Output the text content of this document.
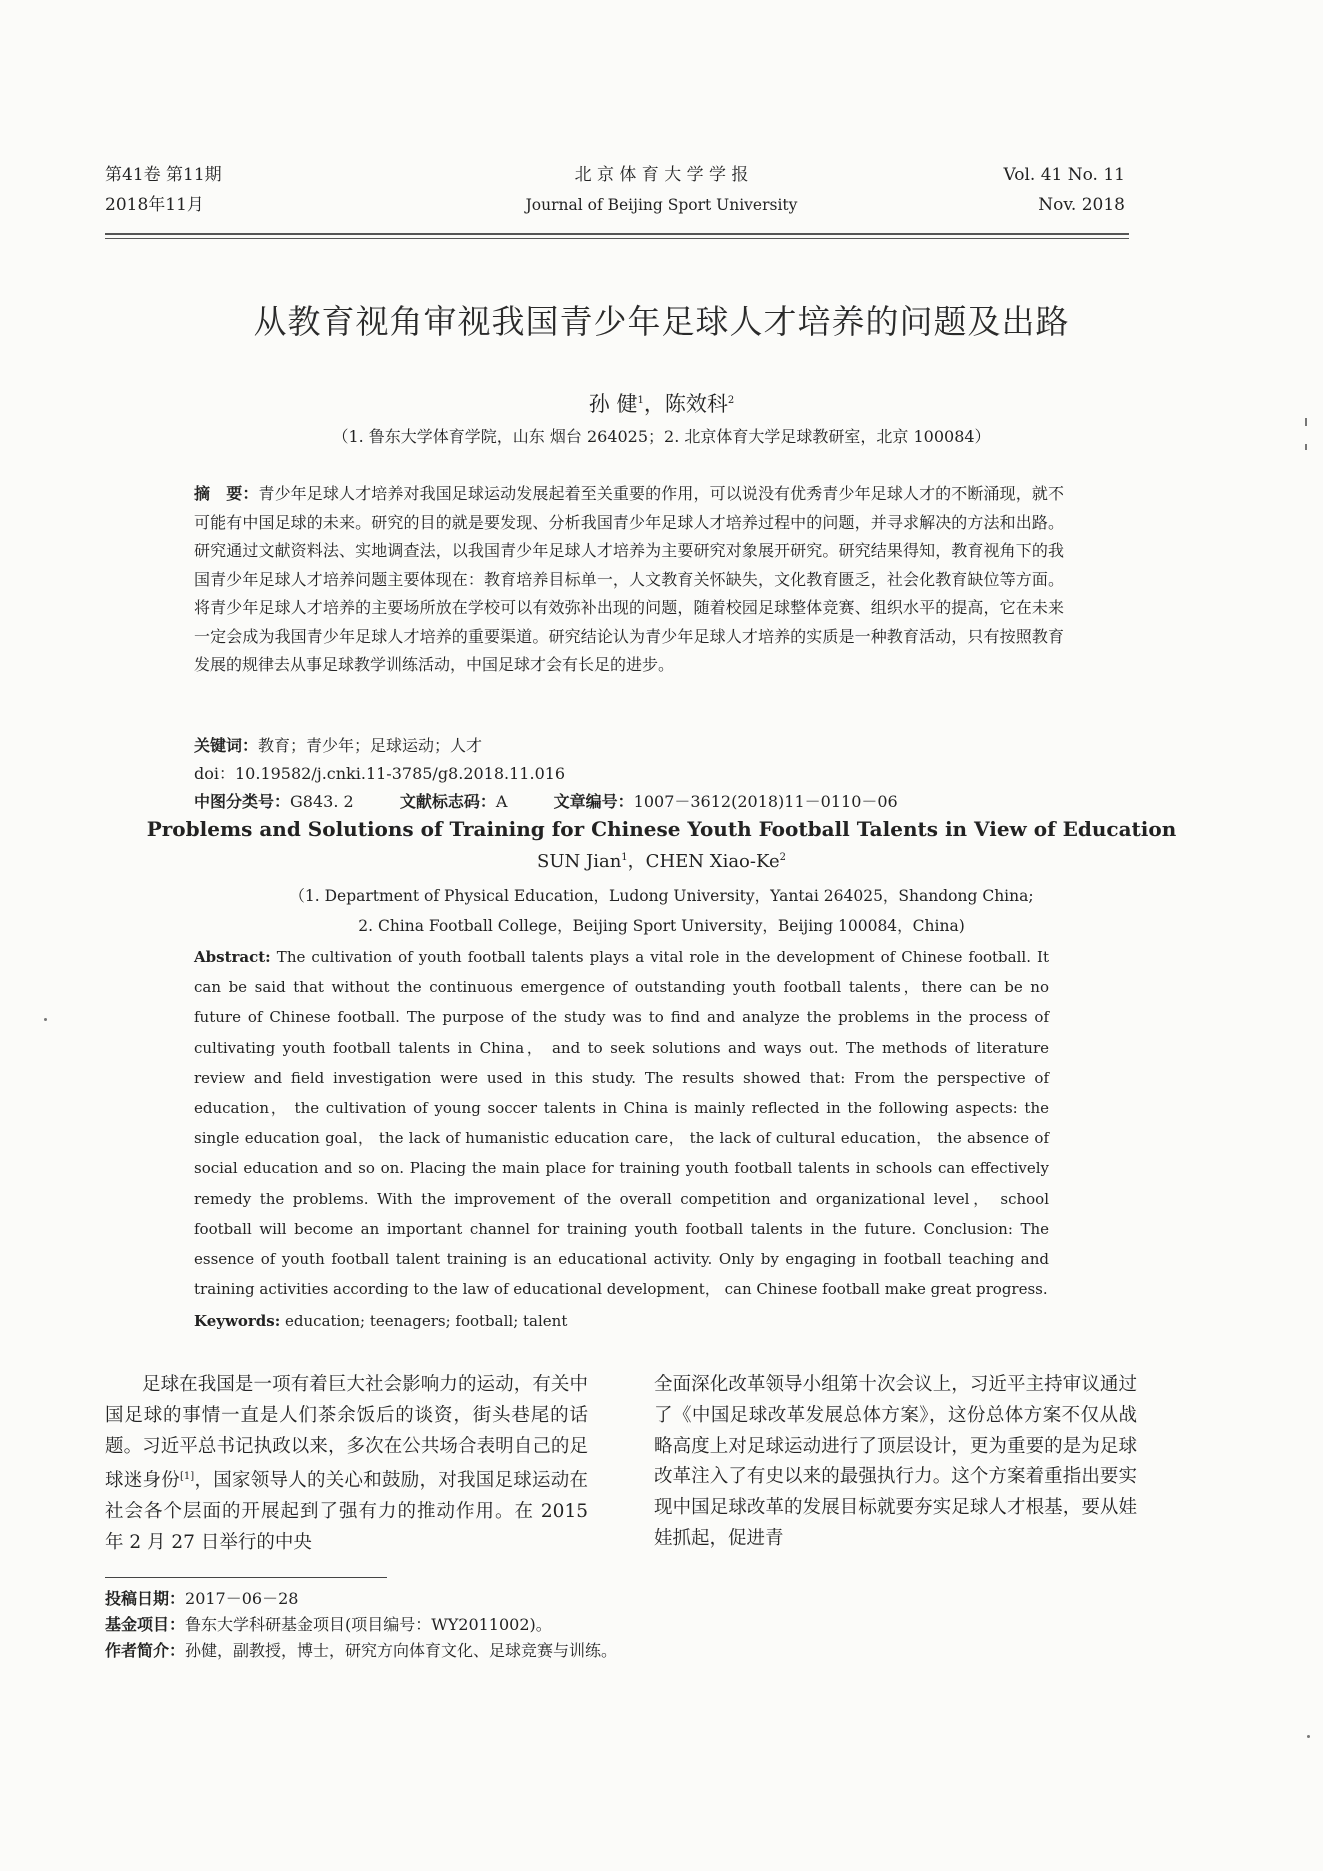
第41卷 第11期
2018年11月
北 京 体 育 大 学 学 报
Journal of Beijing Sport University
Vol. 41 No. 11
Nov. 2018
从教育视角审视我国青少年足球人才培养的问题及出路
孙 健$^1$，陈效科$^2$
（1. 鲁东大学体育学院，山东 烟台 264025；2. 北京体育大学足球教研室，北京 100084）
摘　要：青少年足球人才培养对我国足球运动发展起着至关重要的作用，可以说没有优秀青少年足球人才的不断涌现，就不可能有中国足球的未来。研究的目的就是要发现、分析我国青少年足球人才培养过程中的问题，并寻求解决的方法和出路。研究通过文献资料法、实地调查法，以我国青少年足球人才培养为主要研究对象展开研究。研究结果得知，教育视角下的我国青少年足球人才培养问题主要体现在：教育培养目标单一，人文教育关怀缺失，文化教育匮乏，社会化教育缺位等方面。将青少年足球人才培养的主要场所放在学校可以有效弥补出现的问题，随着校园足球整体竞赛、组织水平的提高，它在未来一定会成为我国青少年足球人才培养的重要渠道。研究结论认为青少年足球人才培养的实质是一种教育活动，只有按照教育发展的规律去从事足球教学训练活动，中国足球才会有长足的进步。
关键词：教育；青少年；足球运动；人才
doi：10.19582/j.cnki.11-3785/g8.2018.11.016
中图分类号：G843. 2	文献标志码：A	文章编号：1007－3612(2018)11－0110－06
Problems and Solutions of Training for Chinese Youth Football Talents in View of Education
SUN Jian$^1$，CHEN Xiao-Ke$^2$
（1. Department of Physical Education，Ludong University，Yantai 264025，Shandong China;
2. China Football College，Beijing Sport University，Beijing 100084，China)
Abstract: The cultivation of youth football talents plays a vital role in the development of Chinese football. It can be said that without the continuous emergence of outstanding youth football talents，there can be no future of Chinese football. The purpose of the study was to find and analyze the problems in the process of cultivating youth football talents in China， and to seek solutions and ways out. The methods of literature review and field investigation were used in this study. The results showed that: From the perspective of education， the cultivation of young soccer talents in China is mainly reflected in the following aspects: the single education goal， the lack of humanistic education care， the lack of cultural education， the absence of social education and so on. Placing the main place for training youth football talents in schools can effectively remedy the problems. With the improvement of the overall competition and organizational level， school football will become an important channel for training youth football talents in the future. Conclusion: The essence of youth football talent training is an educational activity. Only by engaging in football teaching and training activities according to the law of educational development， can Chinese football make great progress.
Keywords: education; teenagers; football; talent
足球在我国是一项有着巨大社会影响力的运动，有关中国足球的事情一直是人们茶余饭后的谈资，街头巷尾的话题。习近平总书记执政以来，多次在公共场合表明自己的足球迷身份[1]，国家领导人的关心和鼓励，对我国足球运动在社会各个层面的开展起到了强有力的推动作用。在 2015 年 2 月 27 日举行的中央
全面深化改革领导小组第十次会议上，习近平主持审议通过了《中国足球改革发展总体方案》，这份总体方案不仅从战略高度上对足球运动进行了顶层设计，更为重要的是为足球改革注入了有史以来的最强执行力。这个方案着重指出要实现中国足球改革的发展目标就要夯实足球人才根基，要从娃娃抓起，促进青
投稿日期：2017－06－28
基金项目：鲁东大学科研基金项目(项目编号：WY2011002)。
作者简介：孙健，副教授，博士，研究方向体育文化、足球竞赛与训练。
